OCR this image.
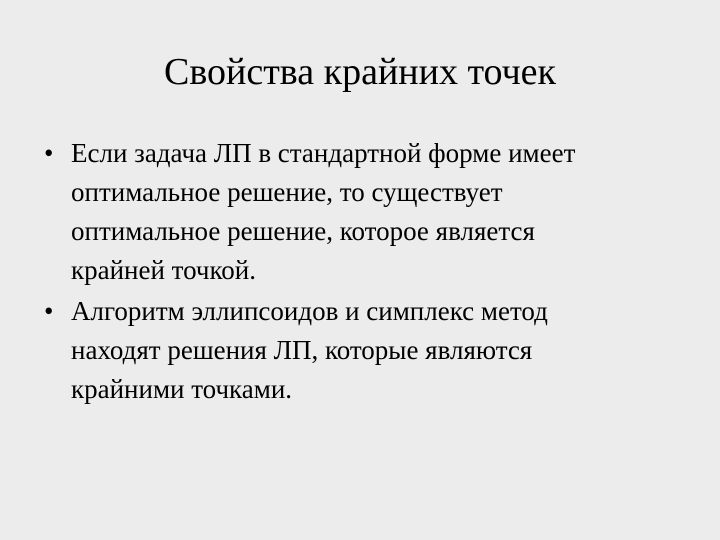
Свойства крайних точек
• Если задача ЛП в стандартной форме имеет
оптимальное решение, то существует
оптимальное решение, которое является
крайней точкой.
• Алгоритм эллипсоидов и симплекс метод
находят решения ЛП, которые являются
крайними точками.
